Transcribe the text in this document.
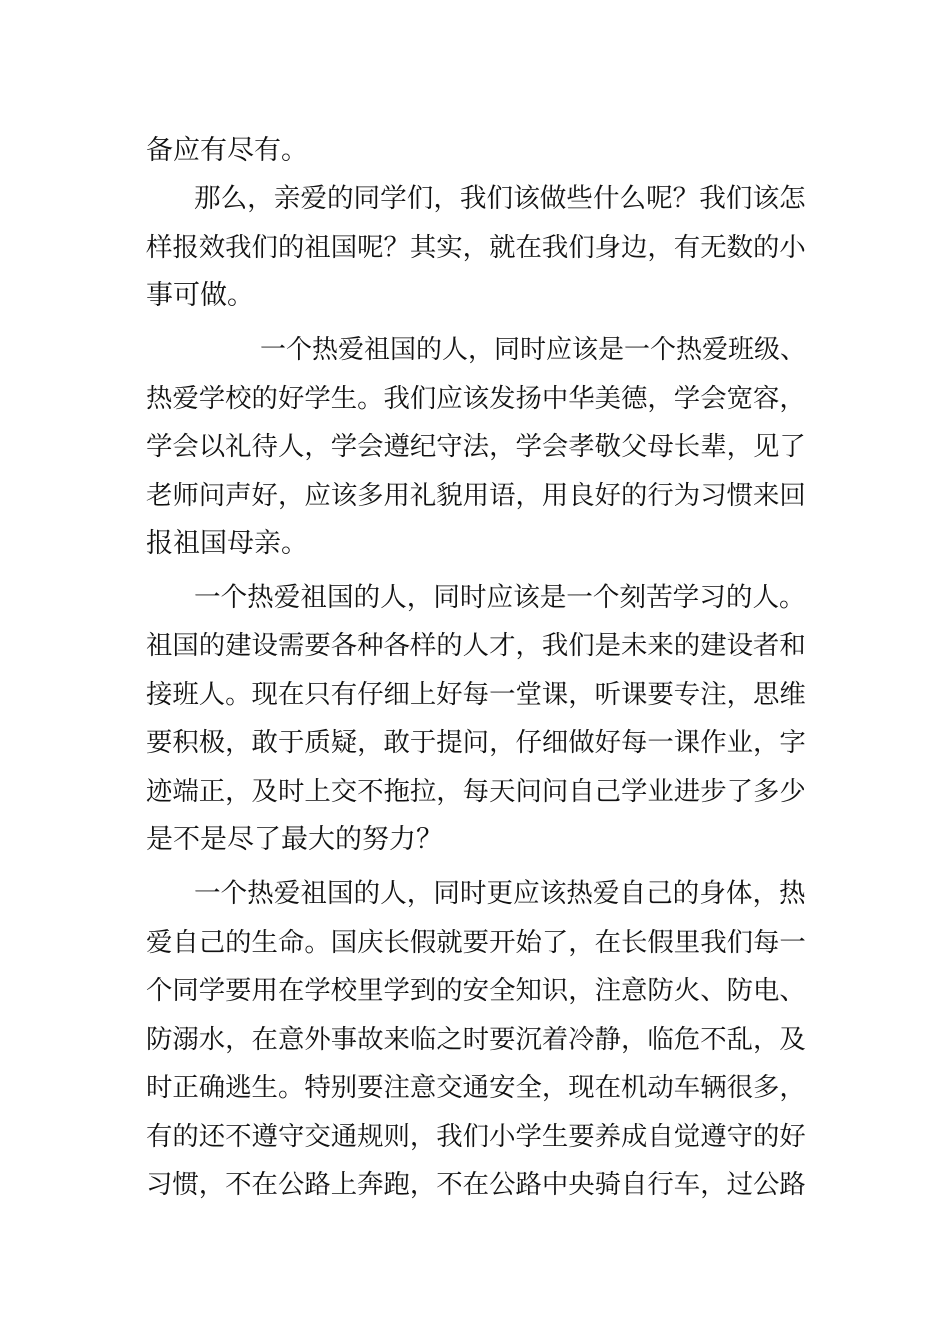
备应有尽有。
那么，亲爱的同学们，我们该做些什么呢？我们该怎
样报效我们的祖国呢？其实，就在我们身边，有无数的小
事可做。
一个热爱祖国的人，同时应该是一个热爱班级、
热爱学校的好学生。我们应该发扬中华美德，学会宽容，
学会以礼待人，学会遵纪守法，学会孝敬父母长辈，见了
老师问声好，应该多用礼貌用语，用良好的行为习惯来回
报祖国母亲。
一个热爱祖国的人，同时应该是一个刻苦学习的人。
祖国的建设需要各种各样的人才，我们是未来的建设者和
接班人。现在只有仔细上好每一堂课，听课要专注，思维
要积极，敢于质疑，敢于提问，仔细做好每一课作业，字
迹端正，及时上交不拖拉，每天问问自己学业进步了多少
是不是尽了最大的努力？
一个热爱祖国的人，同时更应该热爱自己的身体，热
爱自己的生命。国庆长假就要开始了，在长假里我们每一
个同学要用在学校里学到的安全知识，注意防火、防电、
防溺水，在意外事故来临之时要沉着冷静，临危不乱，及
时正确逃生。特别要注意交通安全，现在机动车辆很多，
有的还不遵守交通规则，我们小学生要养成自觉遵守的好
习惯，不在公路上奔跑，不在公路中央骑自行车，过公路
